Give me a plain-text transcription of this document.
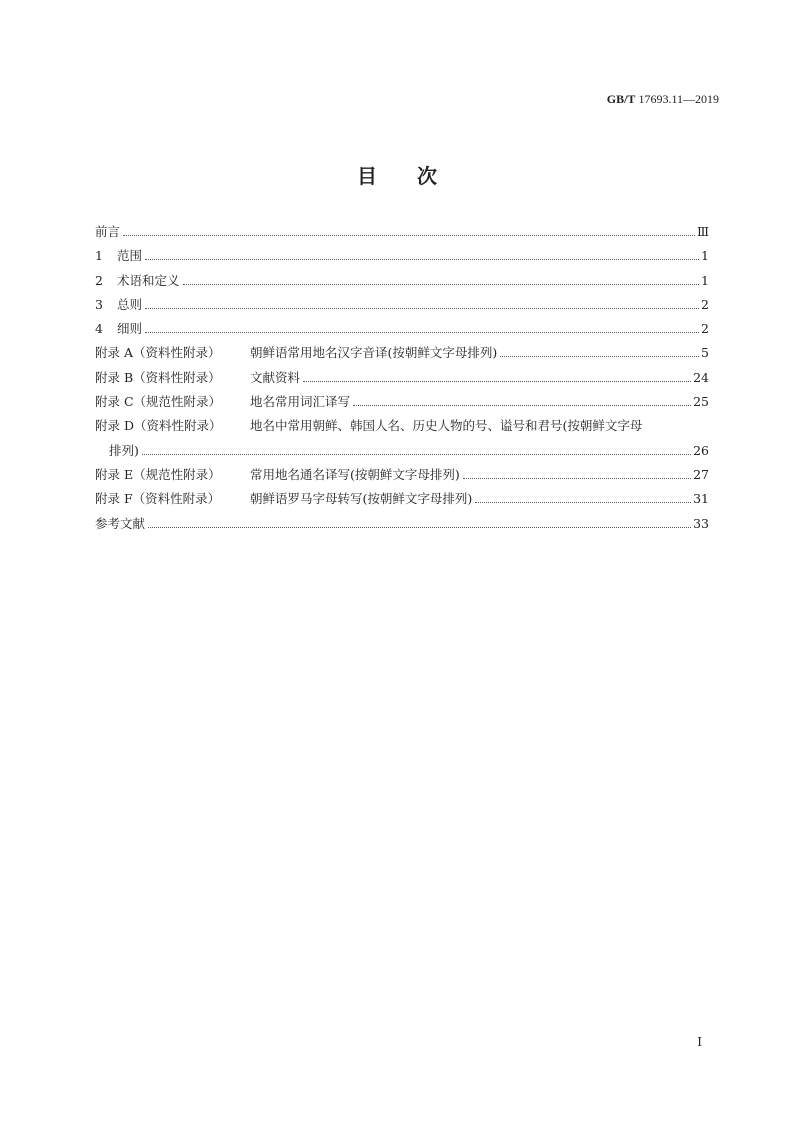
GB/T 17693.11—2019
目次
前言	Ⅲ
1	范围	1
2	术语和定义	1
3	总则	2
4	细则	2
附录 A（资料性附录）	朝鲜语常用地名汉字音译(按朝鲜文字母排列)	5
附录 B（资料性附录）	文献资料	24
附录 C（规范性附录）	地名常用词汇译写	25
附录 D（资料性附录）	地名中常用朝鲜、韩国人名、历史人物的号、谥号和君号(按朝鲜文字母
排列)	26
附录 E（规范性附录）	常用地名通名译写(按朝鲜文字母排列)	27
附录 F（资料性附录）	朝鲜语罗马字母转写(按朝鲜文字母排列)	31
参考文献	33
I
